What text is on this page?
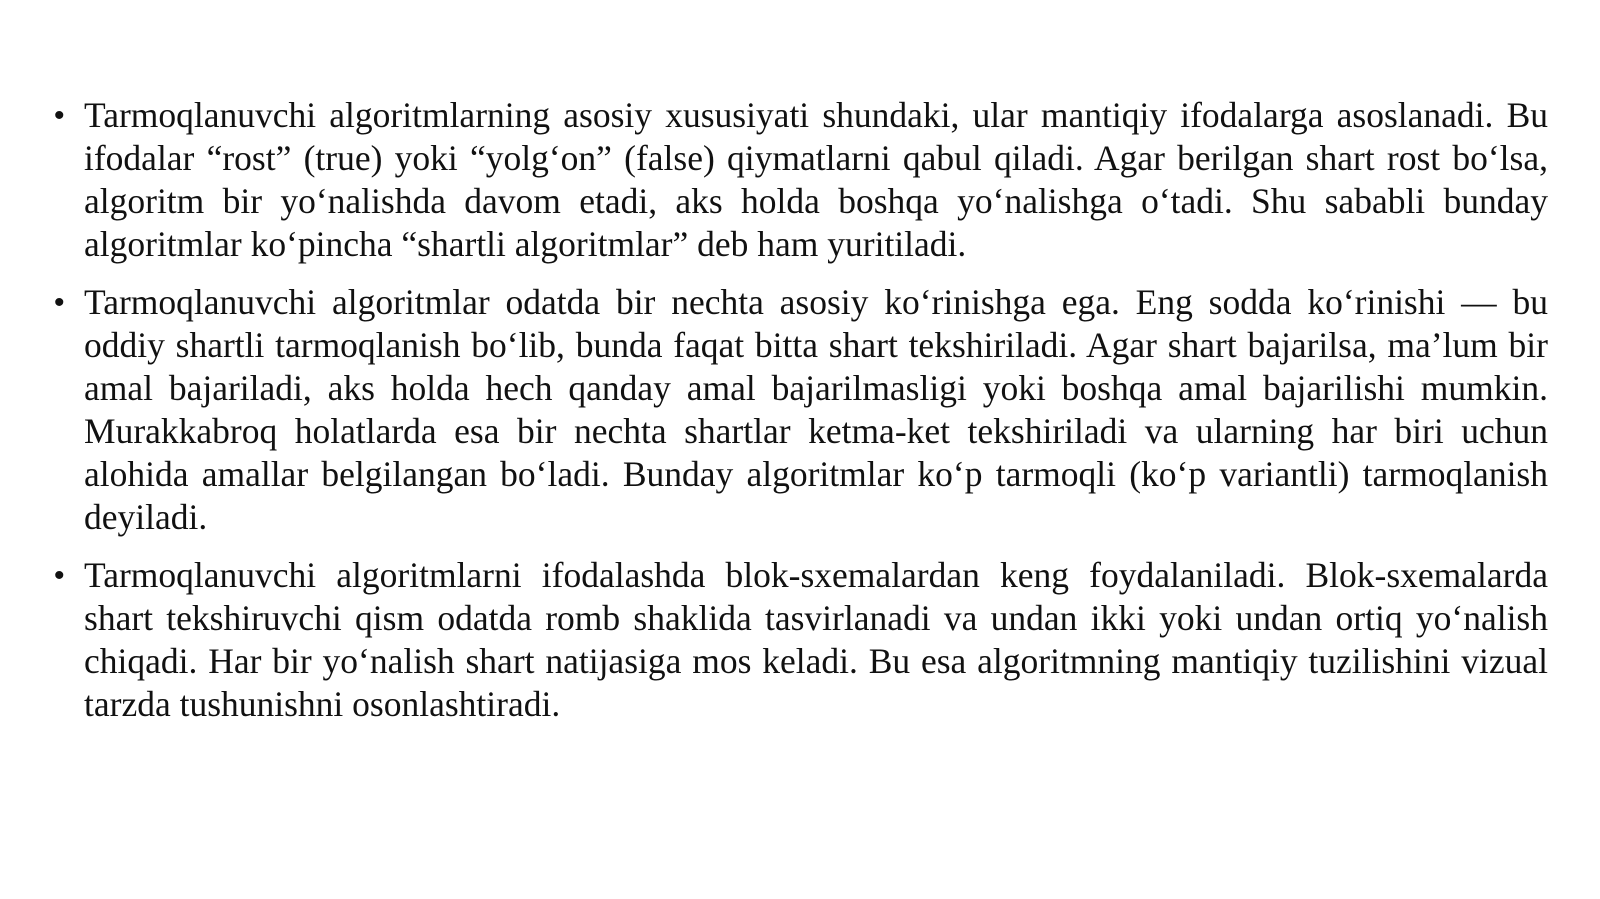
• Tarmoqlanuvchi algoritmlarning asosiy xususiyati shundaki, ular mantiqiy ifodalarga asoslanadi. Bu ifodalar “rost” (true) yoki “yolg‘on” (false) qiymatlarni qabul qiladi. Agar berilgan shart rost bo‘lsa, algoritm bir yo‘nalishda davom etadi, aks holda boshqa yo‘nalishga o‘tadi. Shu sababli bunday algoritmlar ko‘pincha “shartli algoritmlar” deb ham yuritiladi.
• Tarmoqlanuvchi algoritmlar odatda bir nechta asosiy ko‘rinishga ega. Eng sodda ko‘rinishi — bu oddiy shartli tarmoqlanish bo‘lib, bunda faqat bitta shart tekshiriladi. Agar shart bajarilsa, ma’lum bir amal bajariladi, aks holda hech qanday amal bajarilmasligi yoki boshqa amal bajarilishi mumkin. Murakkabroq holatlarda esa bir nechta shartlar ketma-ket tekshiriladi va ularning har biri uchun alohida amallar belgilangan bo‘ladi. Bunday algoritmlar ko‘p tarmoqli (ko‘p variantli) tarmoqlanish deyiladi.
• Tarmoqlanuvchi algoritmlarni ifodalashda blok-sxemalardan keng foydalaniladi. Blok-sxemalarda shart tekshiruvchi qism odatda romb shaklida tasvirlanadi va undan ikki yoki undan ortiq yo‘nalish chiqadi. Har bir yo‘nalish shart natijasiga mos keladi. Bu esa algoritmning mantiqiy tuzilishini vizual tarzda tushunishni osonlashtiradi.
